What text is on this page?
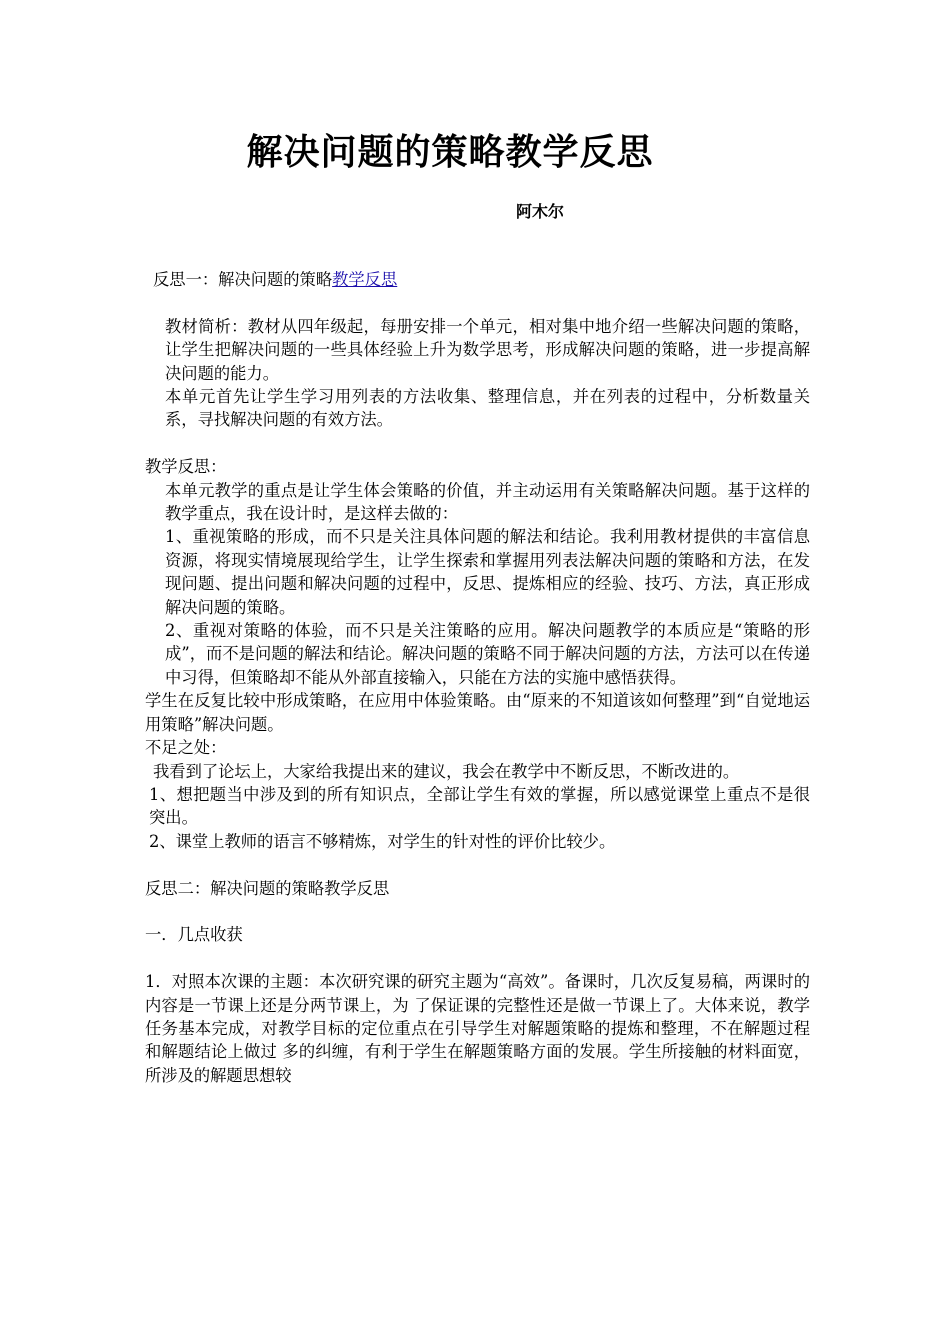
解决问题的策略教学反思
阿木尔

反思一：解决问题的策略教学反思

教材简析：教材从四年级起，每册安排一个单元，相对集中地介绍一些解决问题的策略，让学生把解决问题的一些具体经验上升为数学思考，形成解决问题的策略，进一步提高解决问题的能力。

本单元首先让学生学习用列表的方法收集、整理信息，并在列表的过程中，分析数量关系，寻找解决问题的有效方法。

教学反思：

本单元教学的重点是让学生体会策略的价值，并主动运用有关策略解决问题。基于这样的教学重点，我在设计时，是这样去做的：

1、重视策略的形成，而不只是关注具体问题的解法和结论。我利用教材提供的丰富信息资源，将现实情境展现给学生，让学生探索和掌握用列表法解决问题的策略和方法，在发现问题、提出问题和解决问题的过程中，反思、提炼相应的经验、技巧、方法，真正形成解决问题的策略。

2、重视对策略的体验，而不只是关注策略的应用。解决问题教学的本质应是“策略的形成”，而不是问题的解法和结论。解决问题的策略不同于解决问题的方法，方法可以在传递中习得，但策略却不能从外部直接输入，只能在方法的实施中感悟获得。

学生在反复比较中形成策略，在应用中体验策略。由“原来的不知道该如何整理”到“自觉地运用策略”解决问题。

不足之处：

我看到了论坛上，大家给我提出来的建议，我会在教学中不断反思，不断改进的。

1、想把题当中涉及到的所有知识点，全部让学生有效的掌握，所以感觉课堂上重点不是很突出。

2、课堂上教师的语言不够精炼，对学生的针对性的评价比较少。

反思二：解决问题的策略教学反思

一．几点收获

1．对照本次课的主题：本次研究课的研究主题为“高效”。备课时，几次反复易稿，两课时的内容是一节课上还是分两节课上，为 了保证课的完整性还是做一节课上了。大体来说，教学任务基本完成，对教学目标的定位重点在引导学生对解题策略的提炼和整理，不在解题过程和解题结论上做过 多的纠缠，有利于学生在解题策略方面的发展。学生所接触的材料面宽，所涉及的解题思想较
